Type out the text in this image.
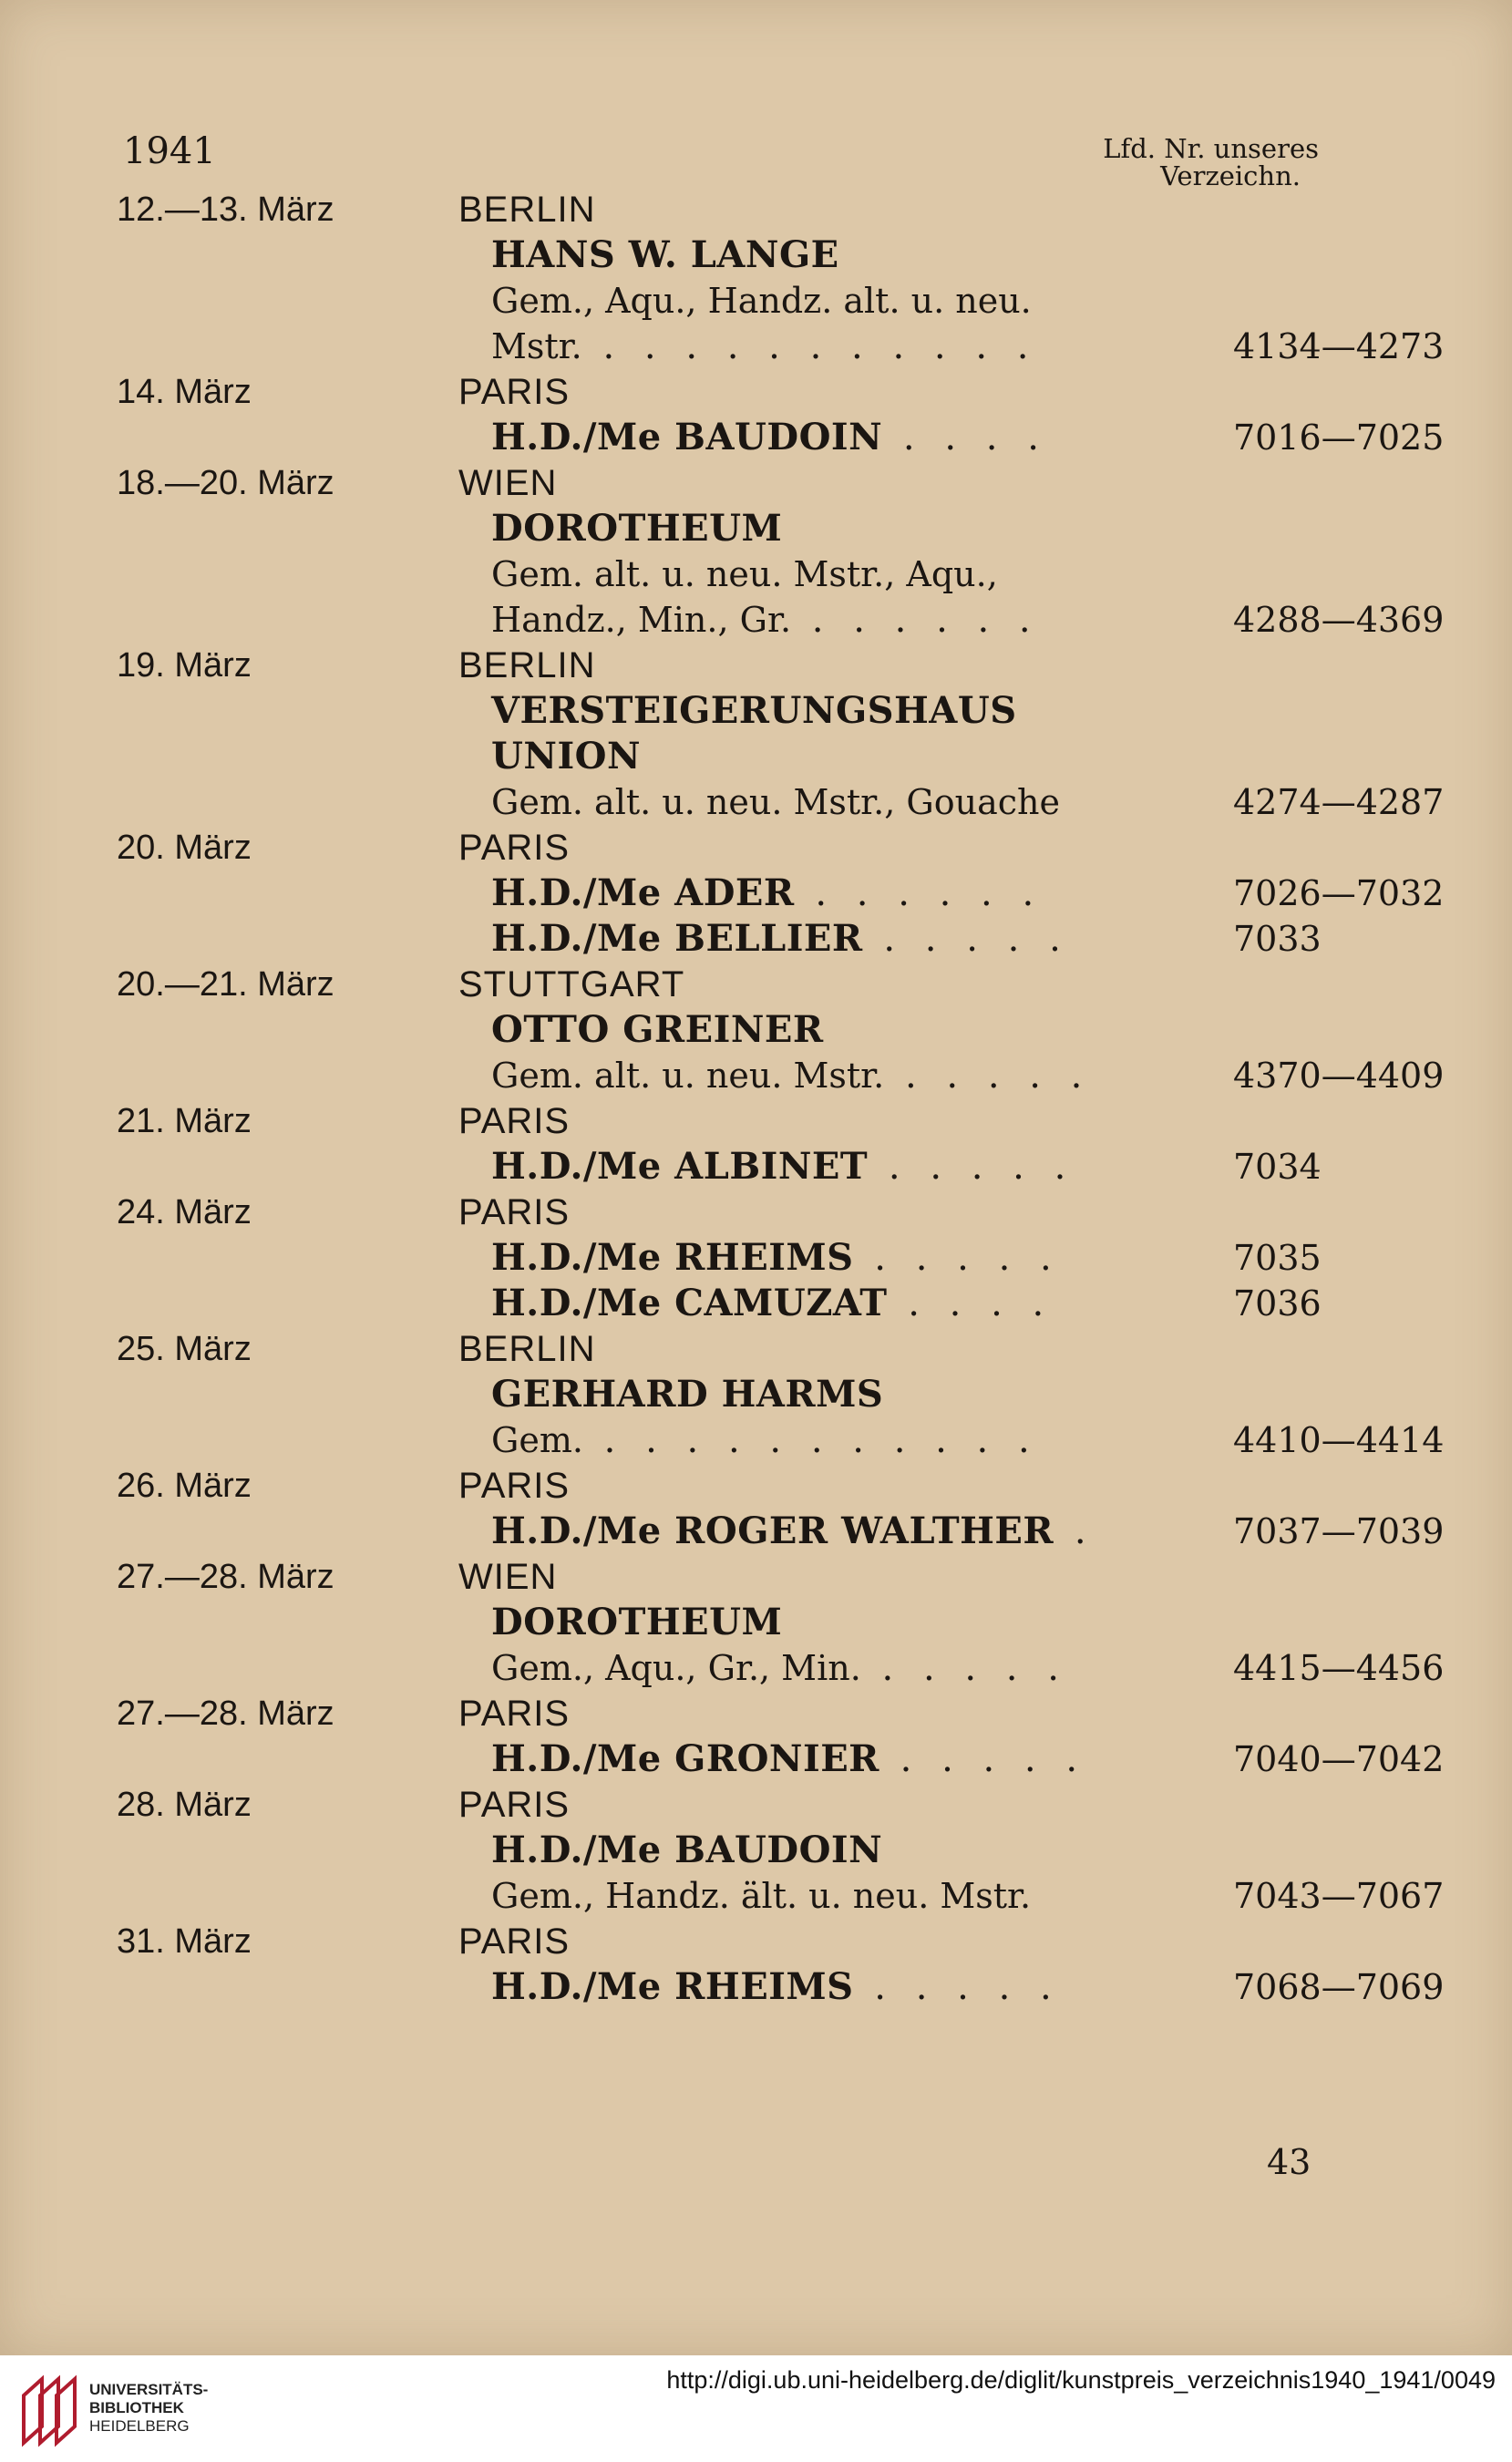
1941	Lfd. Nr. unseres
Verzeichn.
12.—13. März	BERLIN
HANS W. LANGE
Gem., Aqu., Handz. alt. u. neu.
Mstr. . . . . . . . . . . .	4134—4273
14. März	PARIS
H.D./Me BAUDOIN . . . .	7016—7025
18.—20. März	WIEN
DOROTHEUM
Gem. alt. u. neu. Mstr., Aqu.,
Handz., Min., Gr. . . . . . .	4288—4369
19. März	BERLIN
VERSTEIGERUNGSHAUS
UNION
Gem. alt. u. neu. Mstr., Gouache	4274—4287
20. März	PARIS
H.D./Me ADER . . . . . .	7026—7032
H.D./Me BELLIER . . . . .	7033
20.—21. März	STUTTGART
OTTO GREINER
Gem. alt. u. neu. Mstr. . . . . .	4370—4409
21. März	PARIS
H.D./Me ALBINET . . . . .	7034
24. März	PARIS
H.D./Me RHEIMS . . . . .	7035
H.D./Me CAMUZAT . . . .	7036
25. März	BERLIN
GERHARD HARMS
Gem. . . . . . . . . . . .	4410—4414
26. März	PARIS
H.D./Me ROGER WALTHER .	7037—7039
27.—28. März	WIEN
DOROTHEUM
Gem., Aqu., Gr., Min. . . . . .	4415—4456
27.—28. März	PARIS
H.D./Me GRONIER . . . . .	7040—7042
28. März	PARIS
H.D./Me BAUDOIN
Gem., Handz. ält. u. neu. Mstr.	7043—7067
31. März	PARIS
H.D./Me RHEIMS . . . . .	7068—7069
43
UNIVERSITÄTS-
BIBLIOTHEK
HEIDELBERG
http://digi.ub.uni-heidelberg.de/diglit/kunstpreis_verzeichnis1940_1941/0049
